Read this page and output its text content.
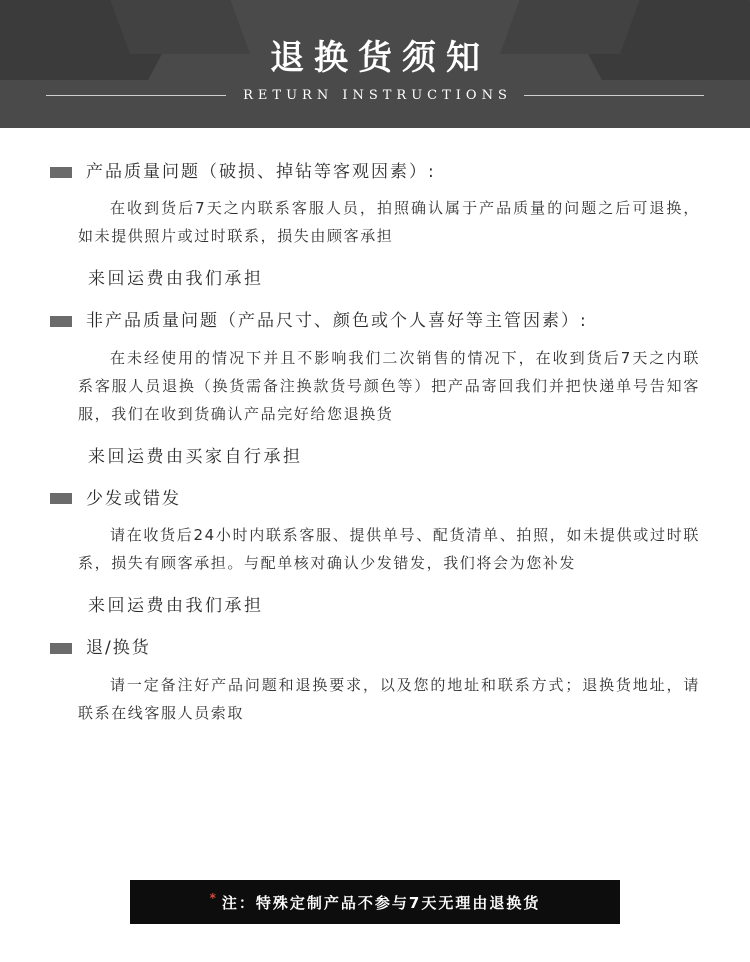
退换货须知
RETURN INSTRUCTIONS
产品质量问题（破损、掉钻等客观因素）:

在收到货后7天之内联系客服人员，拍照确认属于产品质量的问题之后可退换，如未提供照片或过时联系，损失由顾客承担

来回运费由我们承担
非产品质量问题（产品尺寸、颜色或个人喜好等主管因素）:

在未经使用的情况下并且不影响我们二次销售的情况下，在收到货后7天之内联系客服人员退换（换货需备注换款货号颜色等）把产品寄回我们并把快递单号告知客服，我们在收到货确认产品完好给您退换货

来回运费由买家自行承担
少发或错发

请在收货后24小时内联系客服、提供单号、配货清单、拍照，如未提供或过时联系，损失有顾客承担。与配单核对确认少发错发，我们将会为您补发

来回运费由我们承担
退/换货

请一定备注好产品问题和退换要求，以及您的地址和联系方式；退换货地址，请联系在线客服人员索取

* 注：特殊定制产品不参与7天无理由退换货
